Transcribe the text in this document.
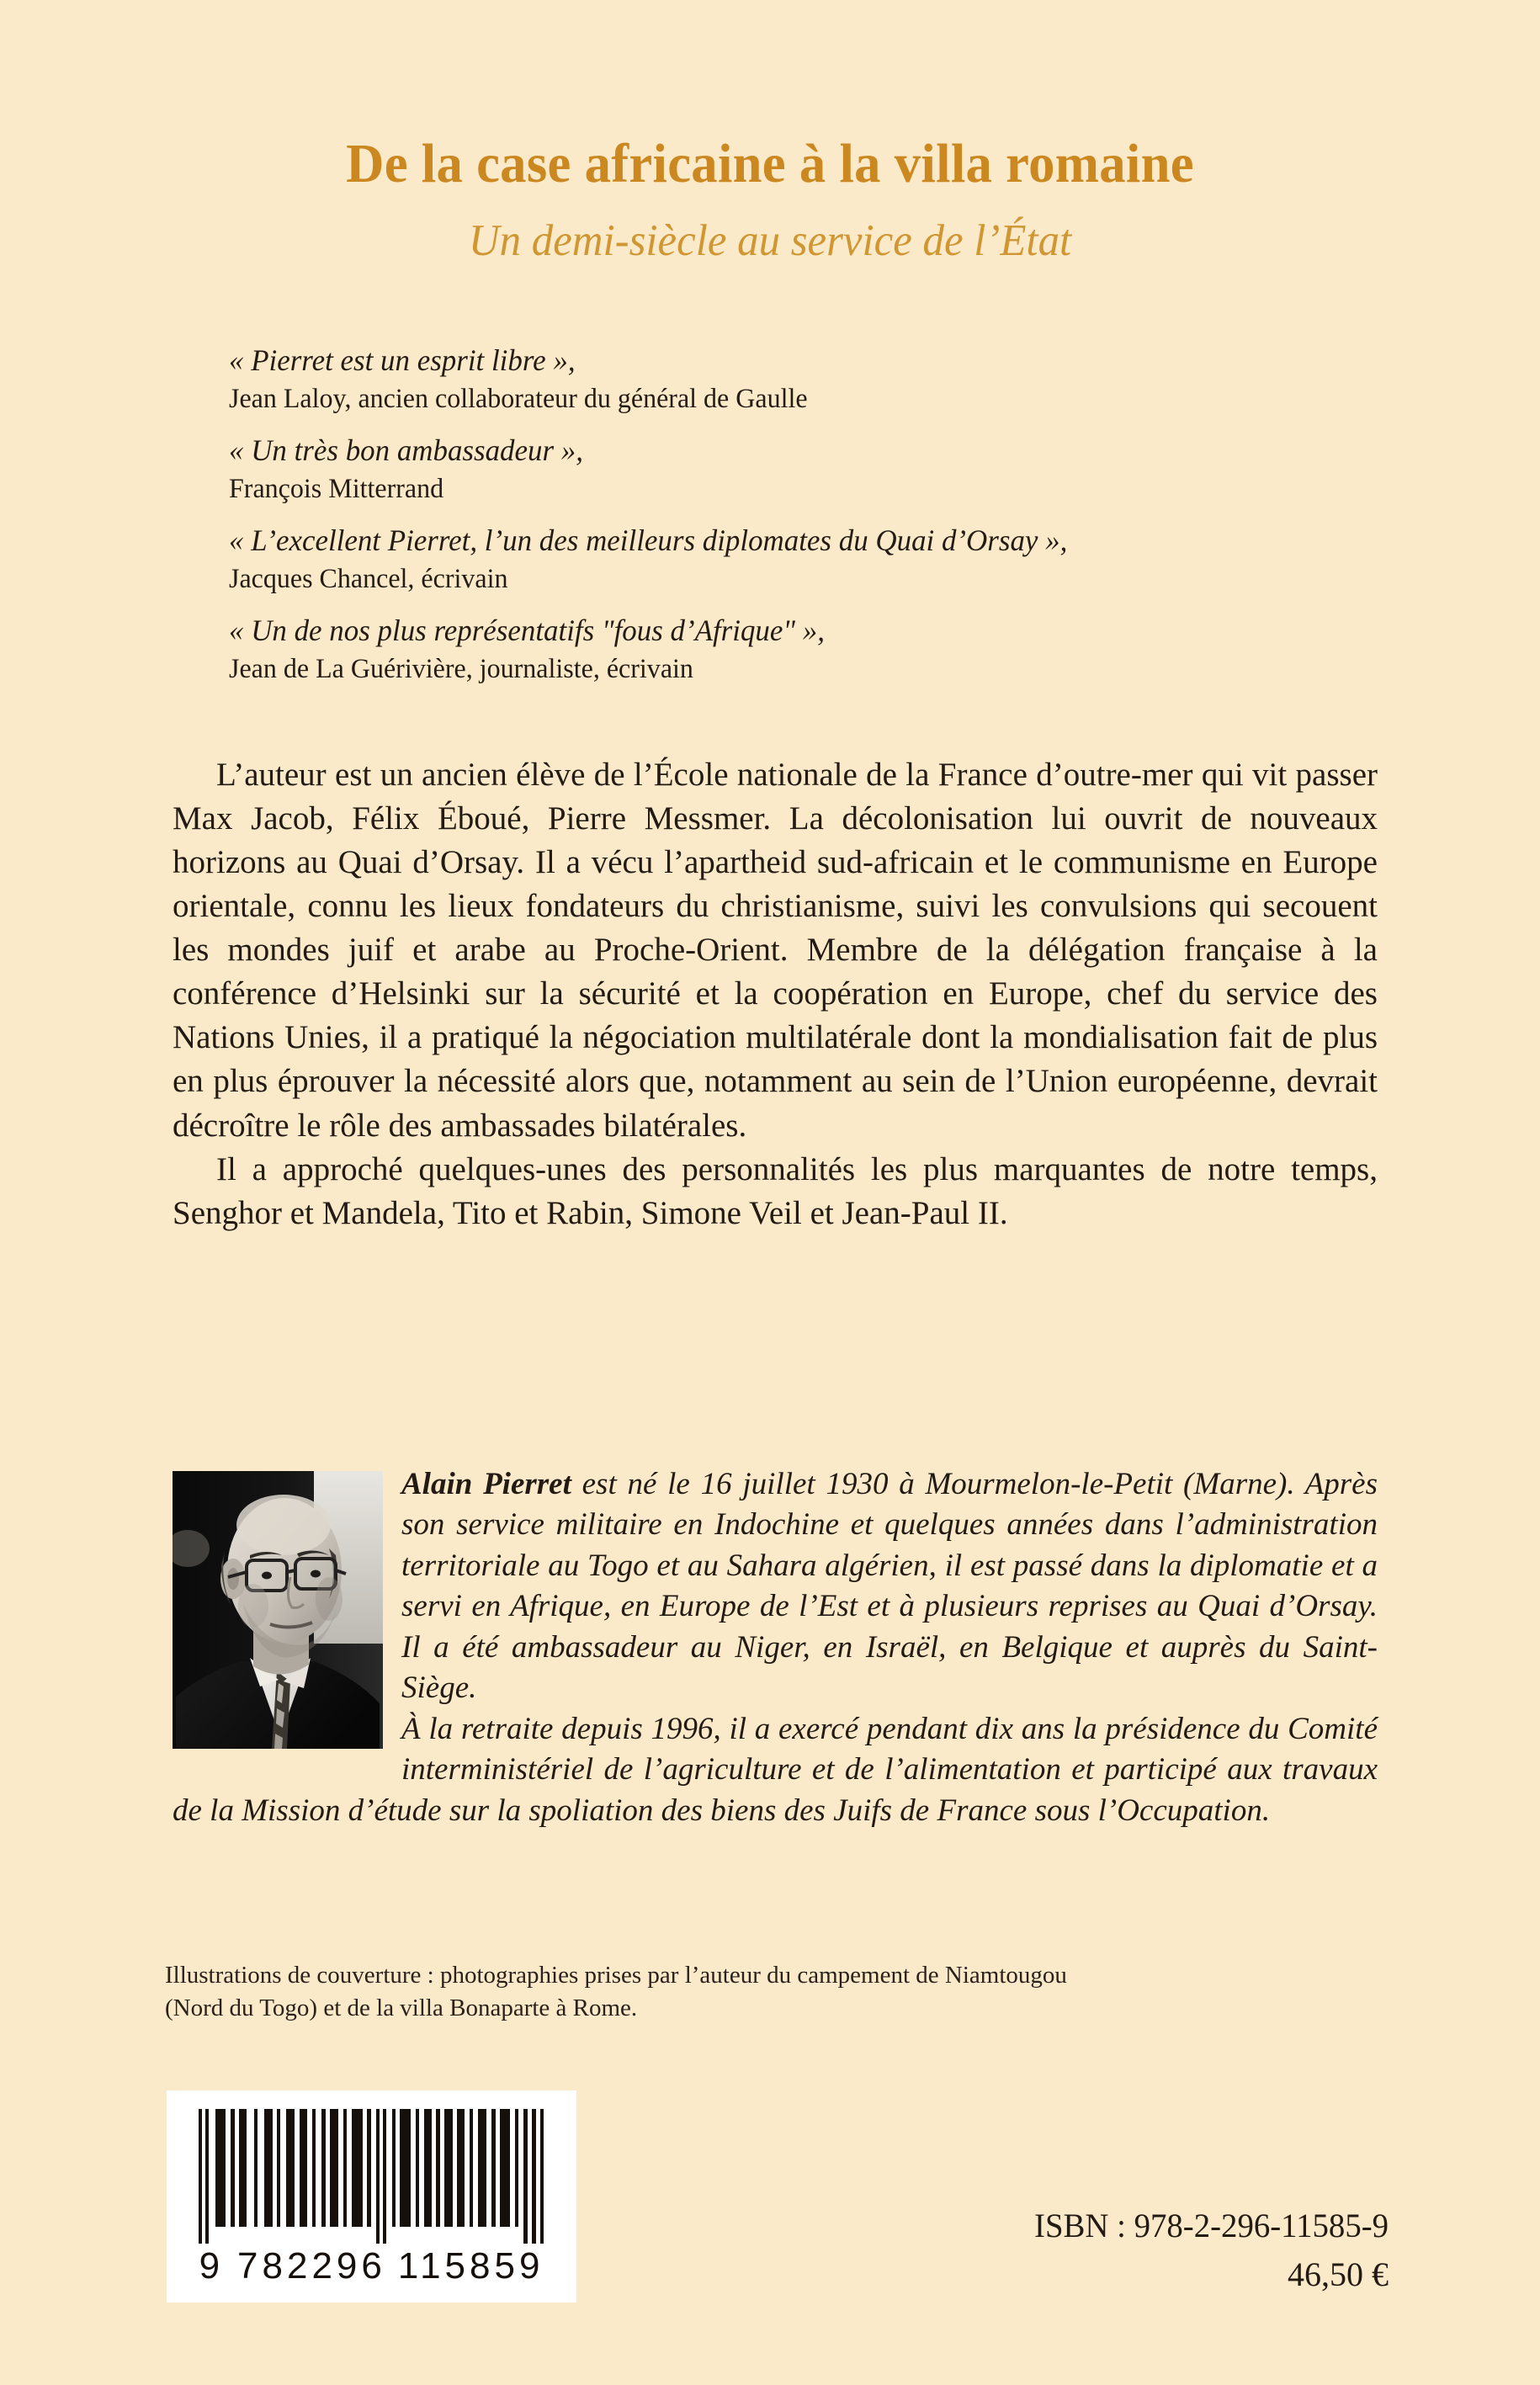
De la case africaine à la villa romaine
Un demi-siècle au service de l’État
« Pierret est un esprit libre »,
Jean Laloy, ancien collaborateur du général de Gaulle
« Un très bon ambassadeur »,
François Mitterrand
« L’excellent Pierret, l’un des meilleurs diplomates du Quai d’Orsay »,
Jacques Chancel, écrivain
« Un de nos plus représentatifs "fous d’Afrique" »,
Jean de La Guérivière, journaliste, écrivain

L’auteur est un ancien élève de l’École nationale de la France d’outre-mer qui vit passer Max Jacob, Félix Éboué, Pierre Messmer. La décolonisation lui ouvrit de nouveaux horizons au Quai d’Orsay. Il a vécu l’apartheid sud-africain et le communisme en Europe orientale, connu les lieux fondateurs du christianisme, suivi les convulsions qui secouent les mondes juif et arabe au Proche-Orient. Membre de la délégation française à la conférence d’Helsinki sur la sécurité et la coopération en Europe, chef du service des Nations Unies, il a pratiqué la négociation multilatérale dont la mondialisation fait de plus en plus éprouver la nécessité alors que, notamment au sein de l’Union européenne, devrait décroître le rôle des ambassades bilatérales.

Il a approché quelques-unes des personnalités les plus marquantes de notre temps, Senghor et Mandela, Tito et Rabin, Simone Veil et Jean-Paul II.

Alain Pierret est né le 16 juillet 1930 à Mourmelon-le-Petit (Marne). Après son service militaire en Indochine et quelques années dans l’administration territoriale au Togo et au Sahara algérien, il est passé dans la diplomatie et a servi en Afrique, en Europe de l’Est et à plusieurs reprises au Quai d’Orsay. Il a été ambassadeur au Niger, en Israël, en Belgique et auprès du Saint-Siège.

À la retraite depuis 1996, il a exercé pendant dix ans la présidence du Comité interministériel de l’agriculture et de l’alimentation et participé aux travaux de la Mission d’étude sur la spoliation des biens des Juifs de France sous l’Occupation.

Illustrations de couverture : photographies prises par l’auteur du campement de Niamtougou
(Nord du Togo) et de la villa Bonaparte à Rome.
9 782296 115859
ISBN : 978-2-296-11585-9
46,50 €
